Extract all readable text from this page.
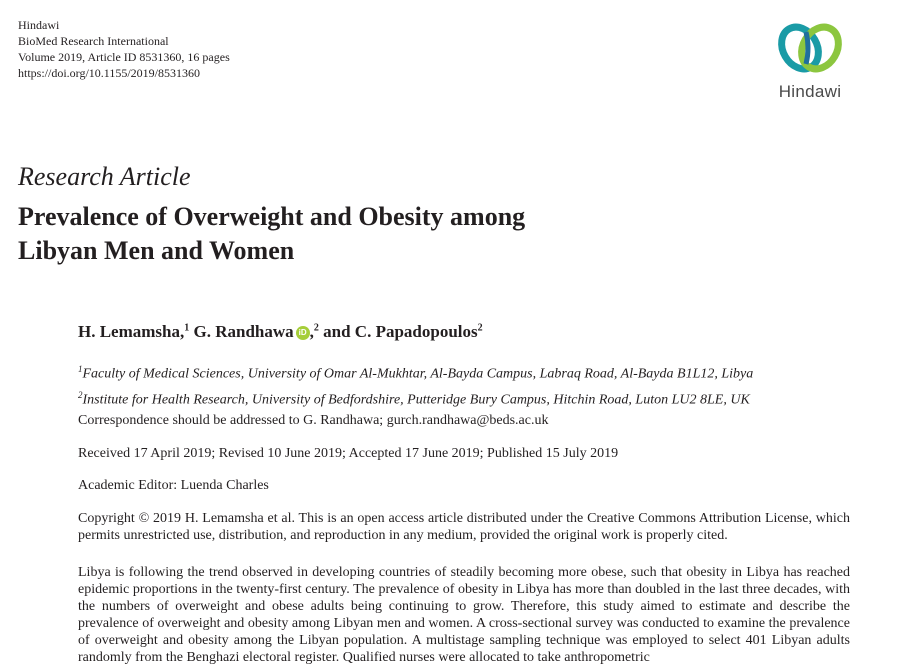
Hindawi
BioMed Research International
Volume 2019, Article ID 8531360, 16 pages
https://doi.org/10.1155/2019/8531360
Hindawi
Research Article
Prevalence of Overweight and Obesity among
Libyan Men and Women
H. Lemamsha,$^1$ G. Randhawa iD ,$^2$ and C. Papadopoulos$^2$
$^1$Faculty of Medical Sciences, University of Omar Al-Mukhtar, Al-Bayda Campus, Labraq Road, Al-Bayda B1L12, Libya
$^2$Institute for Health Research, University of Bedfordshire, Putteridge Bury Campus, Hitchin Road, Luton LU2 8LE, UK
Correspondence should be addressed to G. Randhawa; gurch.randhawa@beds.ac.uk
Received 17 April 2019; Revised 10 June 2019; Accepted 17 June 2019; Published 15 July 2019
Academic Editor: Luenda Charles
Copyright © 2019 H. Lemamsha et al. This is an open access article distributed under the Creative Commons Attribution License, which permits unrestricted use, distribution, and reproduction in any medium, provided the original work is properly cited.
Libya is following the trend observed in developing countries of steadily becoming more obese, such that obesity in Libya has reached epidemic proportions in the twenty-first century. The prevalence of obesity in Libya has more than doubled in the last three decades, with the numbers of overweight and obese adults being continuing to grow. Therefore, this study aimed to estimate and describe the prevalence of overweight and obesity among Libyan men and women. A cross-sectional survey was conducted to examine the prevalence of overweight and obesity among the Libyan population. A multistage sampling technique was employed to select 401 Libyan adults randomly from the Benghazi electoral register. Qualified nurses were allocated to take anthropometric
